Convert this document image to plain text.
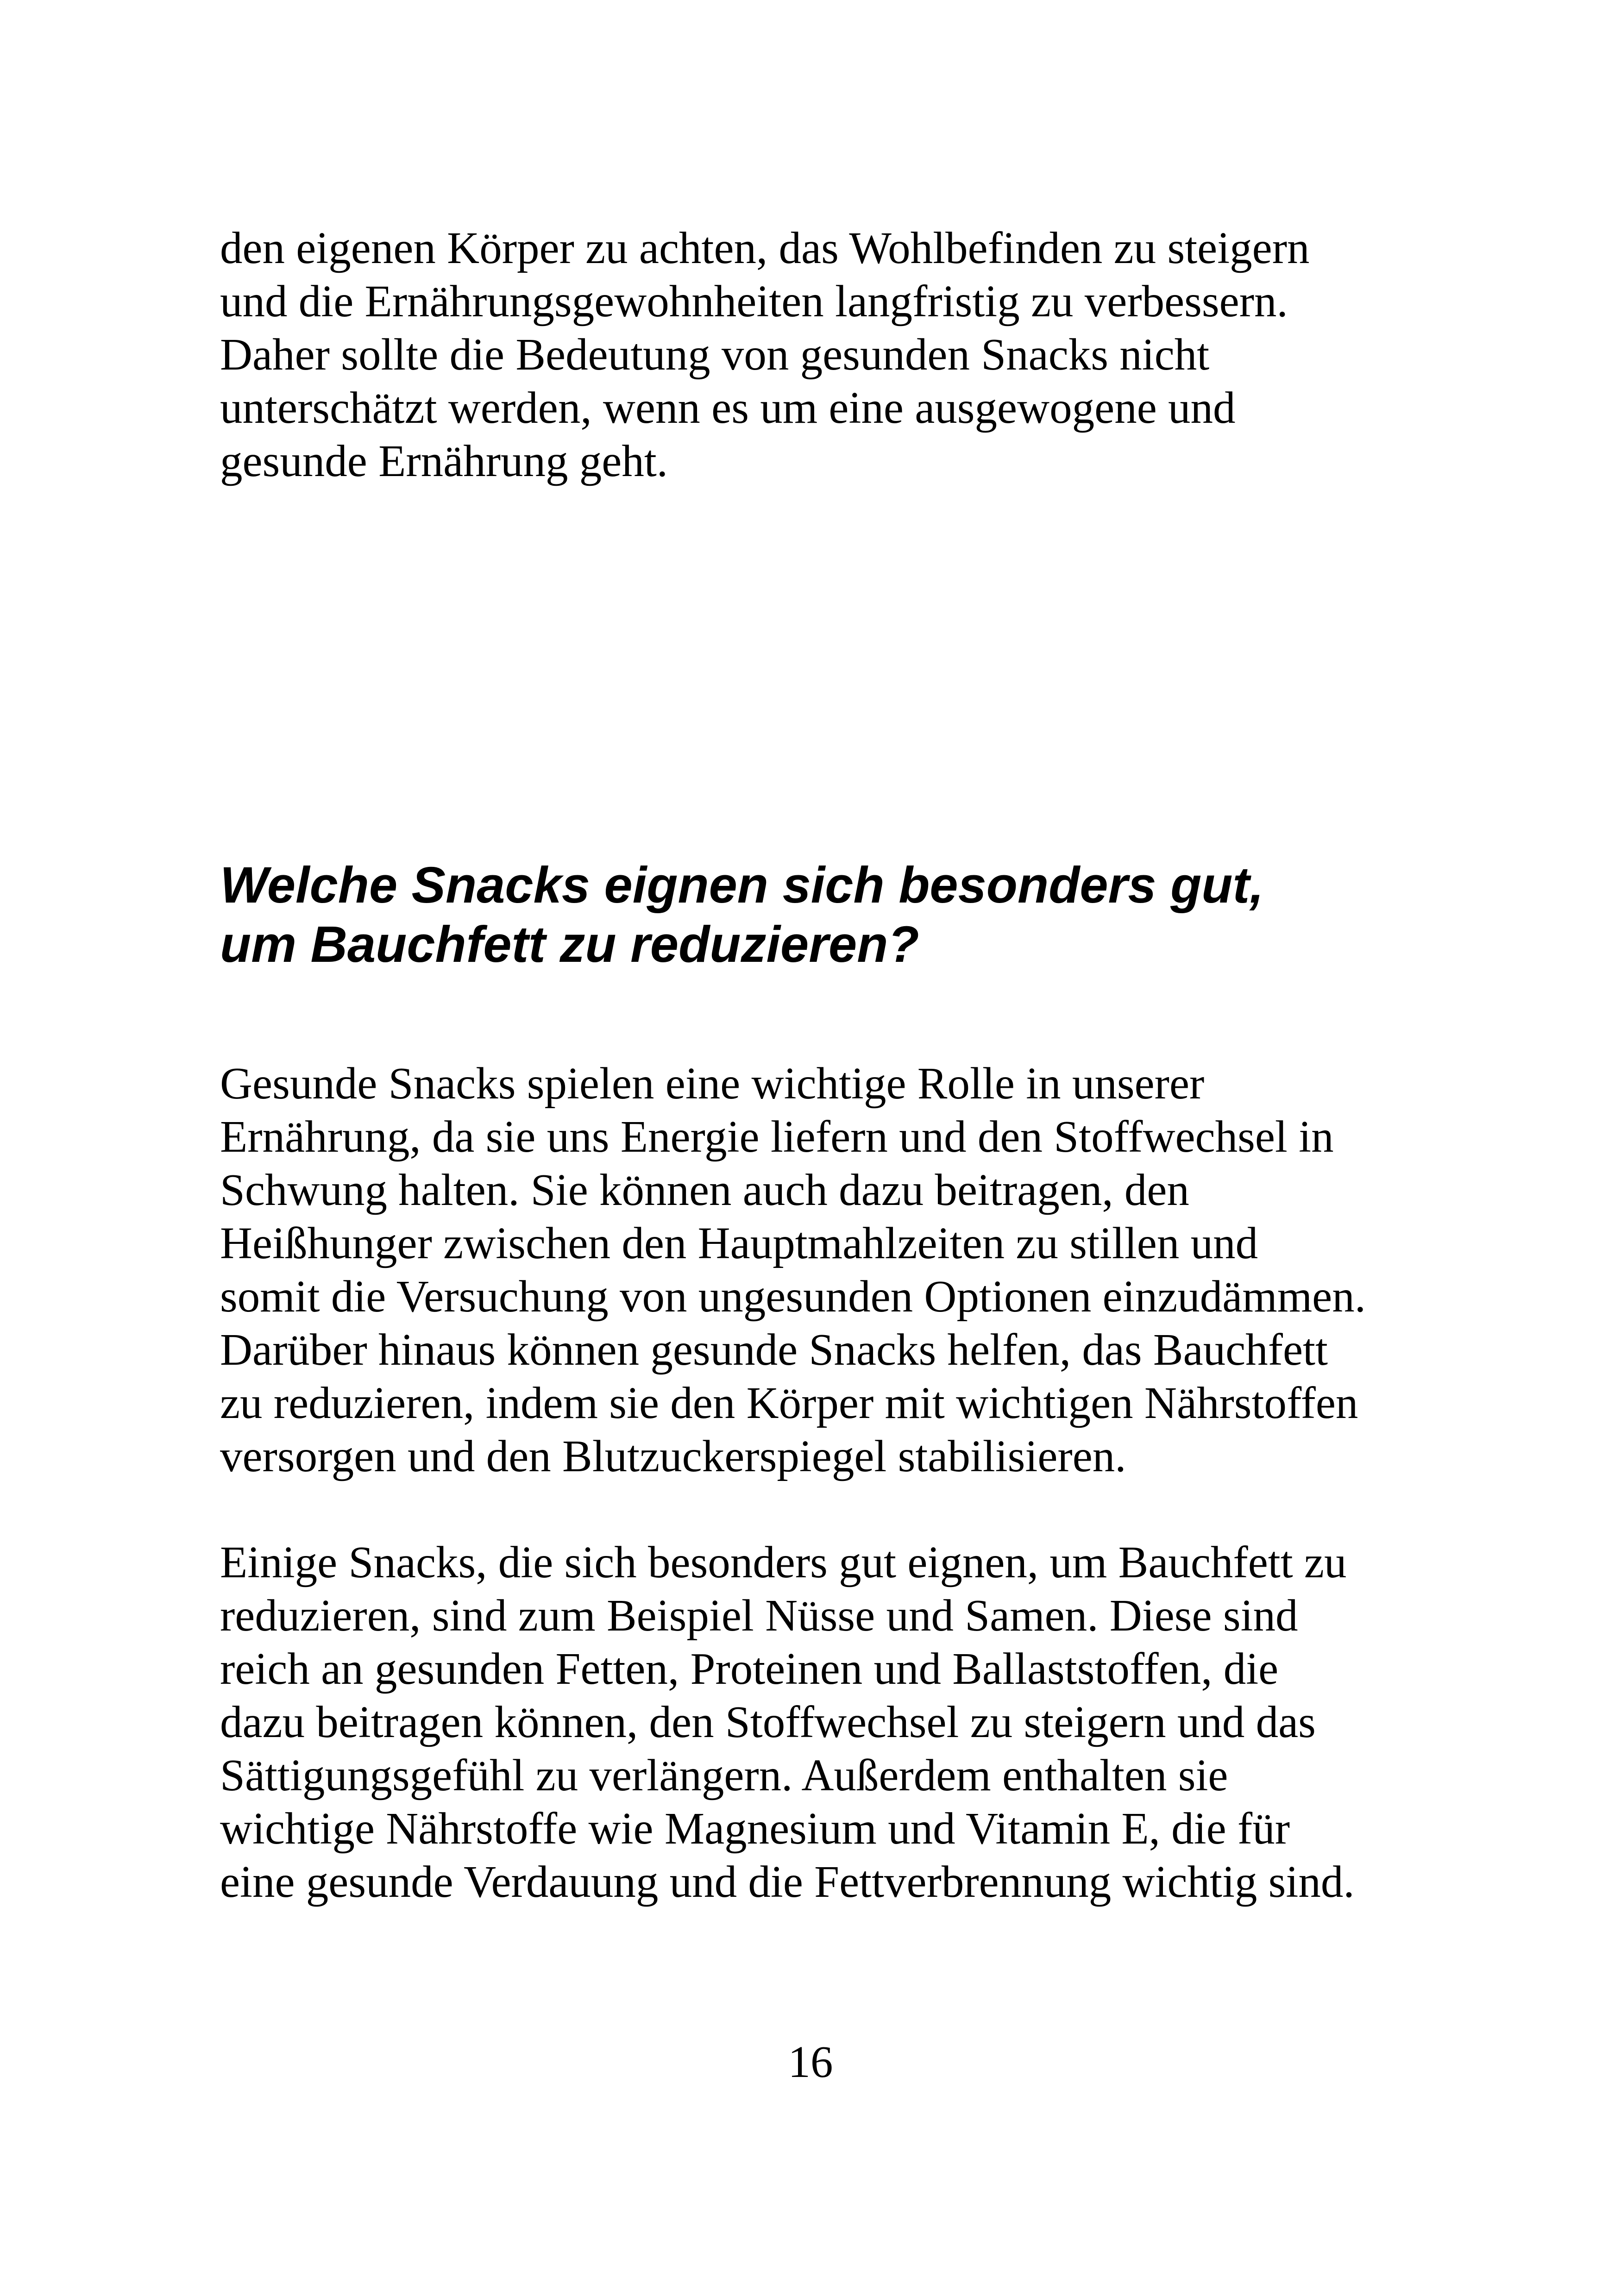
den eigenen Körper zu achten, das Wohlbefinden zu steigern
und die Ernährungsgewohnheiten langfristig zu verbessern.
Daher sollte die Bedeutung von gesunden Snacks nicht
unterschätzt werden, wenn es um eine ausgewogene und
gesunde Ernährung geht.

Welche Snacks eignen sich besonders gut,
um Bauchfett zu reduzieren?

Gesunde Snacks spielen eine wichtige Rolle in unserer
Ernährung, da sie uns Energie liefern und den Stoffwechsel in
Schwung halten. Sie können auch dazu beitragen, den
Heißhunger zwischen den Hauptmahlzeiten zu stillen und
somit die Versuchung von ungesunden Optionen einzudämmen.
Darüber hinaus können gesunde Snacks helfen, das Bauchfett
zu reduzieren, indem sie den Körper mit wichtigen Nährstoffen
versorgen und den Blutzuckerspiegel stabilisieren.

Einige Snacks, die sich besonders gut eignen, um Bauchfett zu
reduzieren, sind zum Beispiel Nüsse und Samen. Diese sind
reich an gesunden Fetten, Proteinen und Ballaststoffen, die
dazu beitragen können, den Stoffwechsel zu steigern und das
Sättigungsgefühl zu verlängern. Außerdem enthalten sie
wichtige Nährstoffe wie Magnesium und Vitamin E, die für
eine gesunde Verdauung und die Fettverbrennung wichtig sind.

16
